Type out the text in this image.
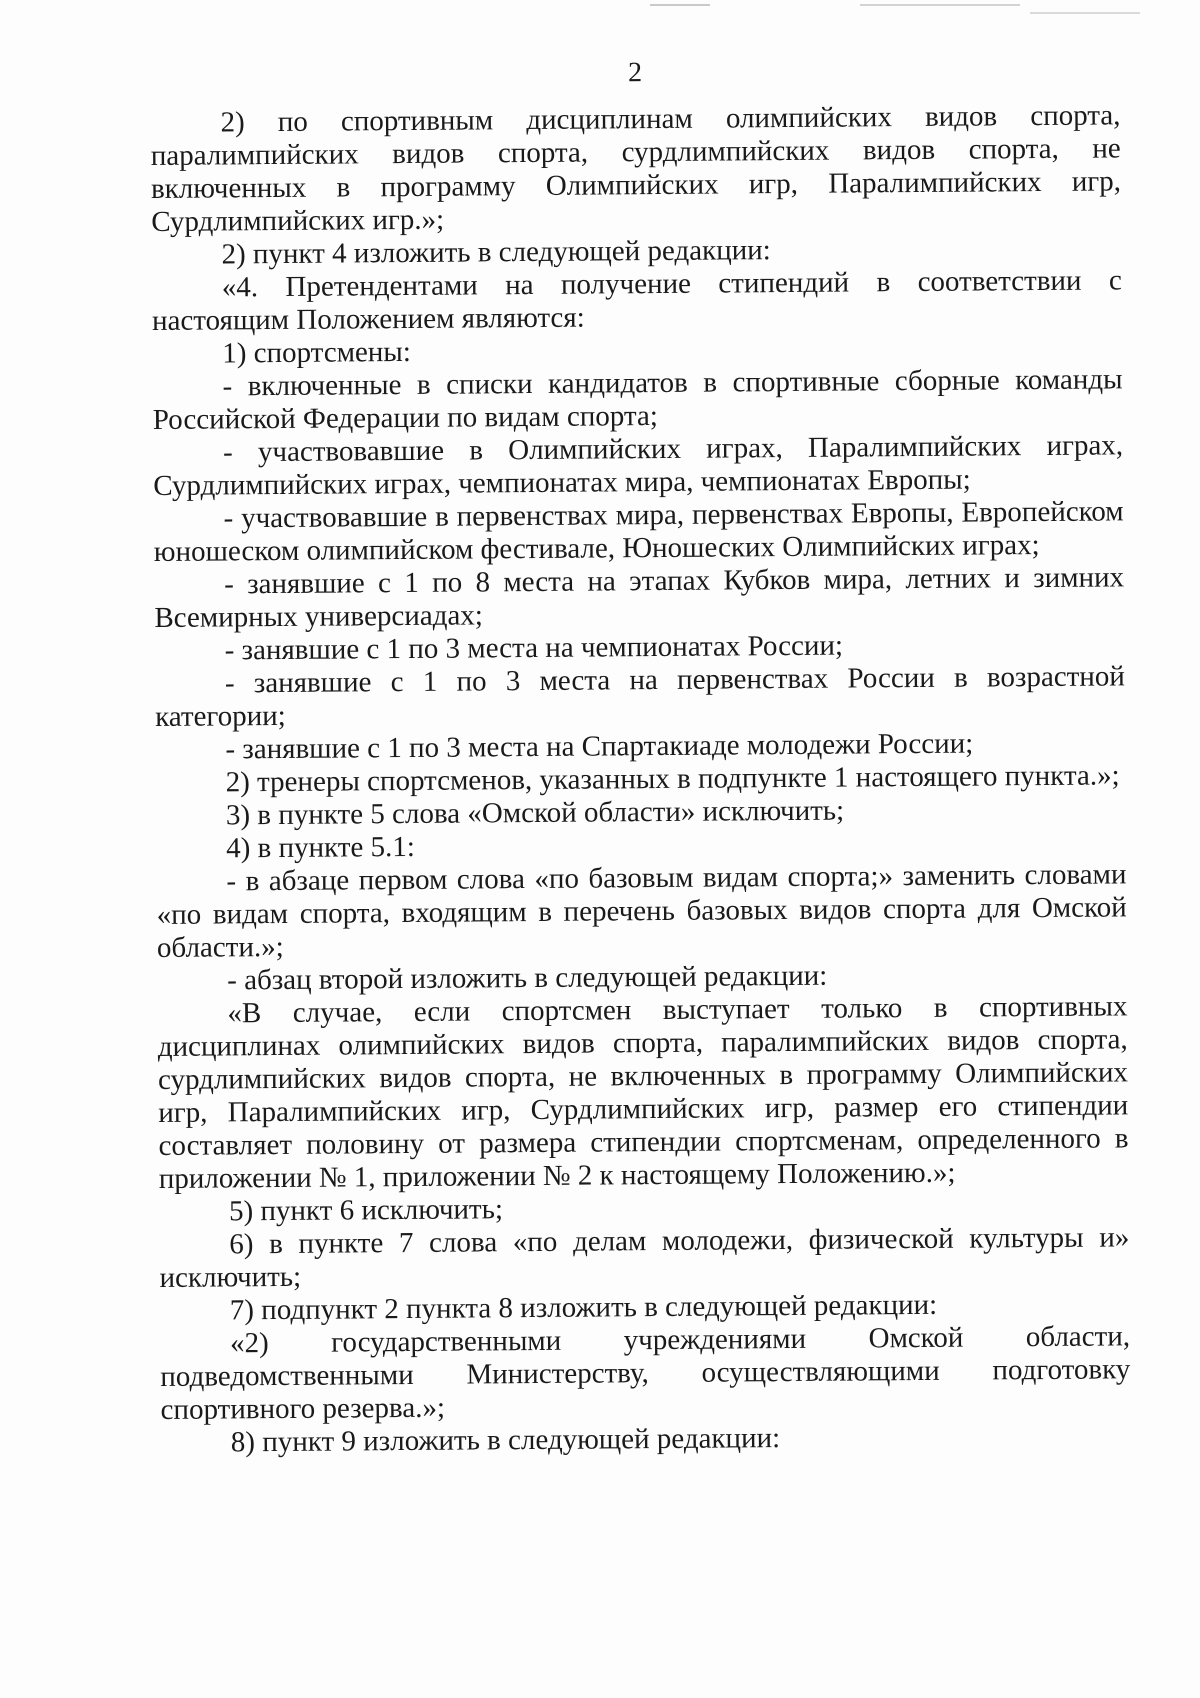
2

2) по спортивным дисциплинам олимпийских видов спорта, паралимпийских видов спорта, сурдлимпийских видов спорта, не включенных в программу Олимпийских игр, Паралимпийских игр, Сурдлимпийских игр.»;

2) пункт 4 изложить в следующей редакции:

«4. Претендентами на получение стипендий в соответствии с настоящим Положением являются:

1) спортсмены:

- включенные в списки кандидатов в спортивные сборные команды Российской Федерации по видам спорта;

- участвовавшие в Олимпийских играх, Паралимпийских играх, Сурдлимпийских играх, чемпионатах мира, чемпионатах Европы;

- участвовавшие в первенствах мира, первенствах Европы, Европейском юношеском олимпийском фестивале, Юношеских Олимпийских играх;

- занявшие с 1 по 8 места на этапах Кубков мира, летних и зимних Всемирных универсиадах;

- занявшие с 1 по 3 места на чемпионатах России;

- занявшие с 1 по 3 места на первенствах России в возрастной категории;

- занявшие с 1 по 3 места на Спартакиаде молодежи России;

2) тренеры спортсменов, указанных в подпункте 1 настоящего пункта.»;

3) в пункте 5 слова «Омской области» исключить;

4) в пункте 5.1:

- в абзаце первом слова «по базовым видам спорта;» заменить словами «по видам спорта, входящим в перечень базовых видов спорта для Омской области.»;

- абзац второй изложить в следующей редакции:

«В случае, если спортсмен выступает только в спортивных дисциплинах олимпийских видов спорта, паралимпийских видов спорта, сурдлимпийских видов спорта, не включенных в программу Олимпийских игр, Паралимпийских игр, Сурдлимпийских игр, размер его стипендии составляет половину от размера стипендии спортсменам, определенного в приложении № 1, приложении № 2 к настоящему Положению.»;

5) пункт 6 исключить;

6) в пункте 7 слова «по делам молодежи, физической культуры и» исключить;

7) подпункт 2 пункта 8 изложить в следующей редакции:

«2) государственными учреждениями Омской области, подведомственными Министерству, осуществляющими подготовку спортивного резерва.»;

8) пункт 9 изложить в следующей редакции:
